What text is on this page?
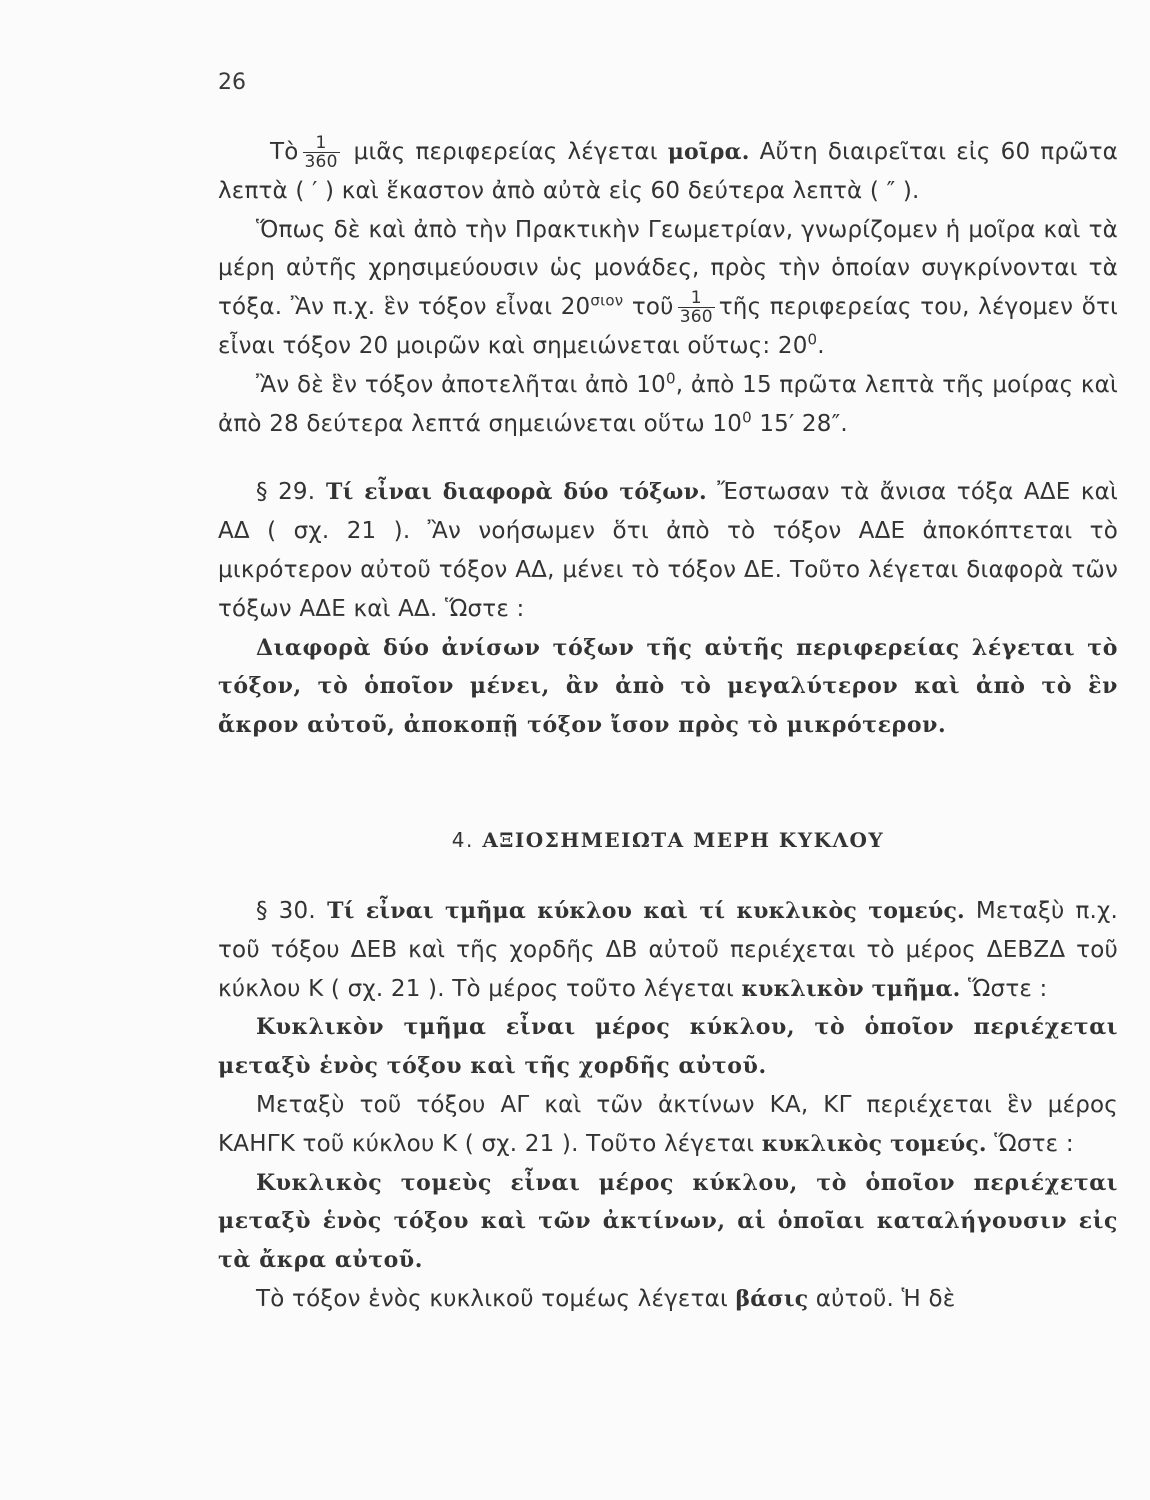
26

Τὸ $\frac{1}{360}$ μιᾶς περιφερείας λέγεται μοῖρα. Αὔτη διαιρεῖται εἰς 60 πρῶτα λεπτὰ ( ′ ) καὶ ἕκαστον ἀπὸ αὐτὰ εἰς 60 δεύτερα λεπτὰ ( ″ ).

Ὅπως δὲ καὶ ἀπὸ τὴν Πρακτικὴν Γεωμετρίαν, γνωρίζομεν ἡ μοῖρα καὶ τὰ μέρη αὐτῆς χρησιμεύουσιν ὡς μονάδες, πρὸς τὴν ὁποίαν συγκρίνονται τὰ τόξα. Ἂν π.χ. ἓν τόξον εἶναι $20^{\sigma\iota o\nu}$ τοῦ $\frac{1}{360}$ τῆς περιφερείας του, λέγομεν ὅτι εἶναι τόξον 20 μοιρῶν καὶ σημειώνεται οὕτως: $20^0$.

Ἂν δὲ ἓν τόξον ἀποτελῆται ἀπὸ $10^0$, ἀπὸ 15 πρῶτα λεπτὰ τῆς μοίρας καὶ ἀπὸ 28 δεύτερα λεπτά σημειώνεται οὕτω $10^0$ 15′ 28″.

§ 29. Τί εἶναι διαφορὰ δύο τόξων. Ἔστωσαν τὰ ἄνισα τόξα ΑΔΕ καὶ ΑΔ ( σχ. 21 ). Ἂν νοήσωμεν ὅτι ἀπὸ τὸ τόξον ΑΔΕ ἀποκόπτεται τὸ μικρότερον αὐτοῦ τόξον ΑΔ, μένει τὸ τόξον ΔΕ. Τοῦτο λέγεται διαφορὰ τῶν τόξων ΑΔΕ καὶ ΑΔ. Ὥστε :

Διαφορὰ δύο ἀνίσων τόξων τῆς αὐτῆς περιφερείας λέγεται τὸ τόξον, τὸ ὁποῖον μένει, ἂν ἀπὸ τὸ μεγαλύτερον καὶ ἀπὸ τὸ ἓν ἄκρον αὐτοῦ, ἀποκοπῇ τόξον ἴσον πρὸς τὸ μικρότερον.

4. ΑΞΙΟΣΗΜΕΙΩΤΑ ΜΕΡΗ ΚΥΚΛΟΥ

§ 30. Τί εἶναι τμῆμα κύκλου καὶ τί κυκλικὸς τομεύς. Μεταξὺ π.χ. τοῦ τόξου ΔΕΒ καὶ τῆς χορδῆς ΔΒ αὐτοῦ περιέχεται τὸ μέρος ΔΕΒΖΔ τοῦ κύκλου Κ ( σχ. 21 ). Τὸ μέρος τοῦτο λέγεται κυκλικὸν τμῆμα. Ὥστε :

Κυκλικὸν τμῆμα εἶναι μέρος κύκλου, τὸ ὁποῖον περιέχεται μεταξὺ ἑνὸς τόξου καὶ τῆς χορδῆς αὐτοῦ.

Μεταξὺ τοῦ τόξου ΑΓ καὶ τῶν ἀκτίνων ΚΑ, ΚΓ περιέχεται ἓν μέρος ΚΑΗΓΚ τοῦ κύκλου Κ ( σχ. 21 ). Τοῦτο λέγεται κυκλικὸς τομεύς. Ὥστε :

Κυκλικὸς τομεὺς εἶναι μέρος κύκλου, τὸ ὁποῖον περιέχεται μεταξὺ ἑνὸς τόξου καὶ τῶν ἀκτίνων, αἱ ὁποῖαι καταλήγουσιν εἰς τὰ ἄκρα αὐτοῦ.

Τὸ τόξον ἑνὸς κυκλικοῦ τομέως λέγεται βάσις αὐτοῦ. Ἡ δὲ
